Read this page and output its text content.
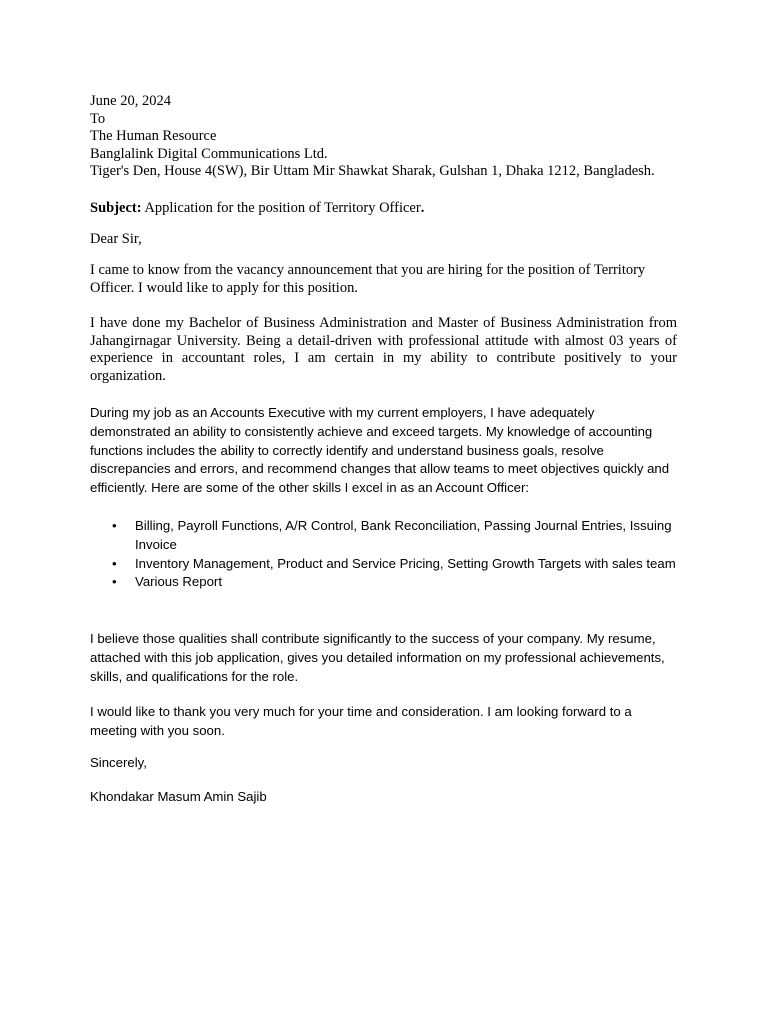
June 20, 2024
To
The Human Resource
Banglalink Digital Communications Ltd.
Tiger's Den, House 4(SW), Bir Uttam Mir Shawkat Sharak, Gulshan 1, Dhaka 1212, Bangladesh.

Subject: Application for the position of Territory Officer.

Dear Sir,

I came to know from the vacancy announcement that you are hiring for the position of Territory Officer. I would like to apply for this position.

I have done my Bachelor of Business Administration and Master of Business Administration from Jahangirnagar University. Being a detail-driven with professional attitude with almost 03 years of experience in accountant roles, I am certain in my ability to contribute positively to your organization.

During my job as an Accounts Executive with my current employers, I have adequately demonstrated an ability to consistently achieve and exceed targets. My knowledge of accounting functions includes the ability to correctly identify and understand business goals, resolve discrepancies and errors, and recommend changes that allow teams to meet objectives quickly and efficiently. Here are some of the other skills I excel in as an Account Officer:

• Billing, Payroll Functions, A/R Control, Bank Reconciliation, Passing Journal Entries, Issuing Invoice
• Inventory Management, Product and Service Pricing, Setting Growth Targets with sales team
• Various Report

I believe those qualities shall contribute significantly to the success of your company. My resume, attached with this job application, gives you detailed information on my professional achievements, skills, and qualifications for the role.

I would like to thank you very much for your time and consideration. I am looking forward to a meeting with you soon.

Sincerely,

Khondakar Masum Amin Sajib
